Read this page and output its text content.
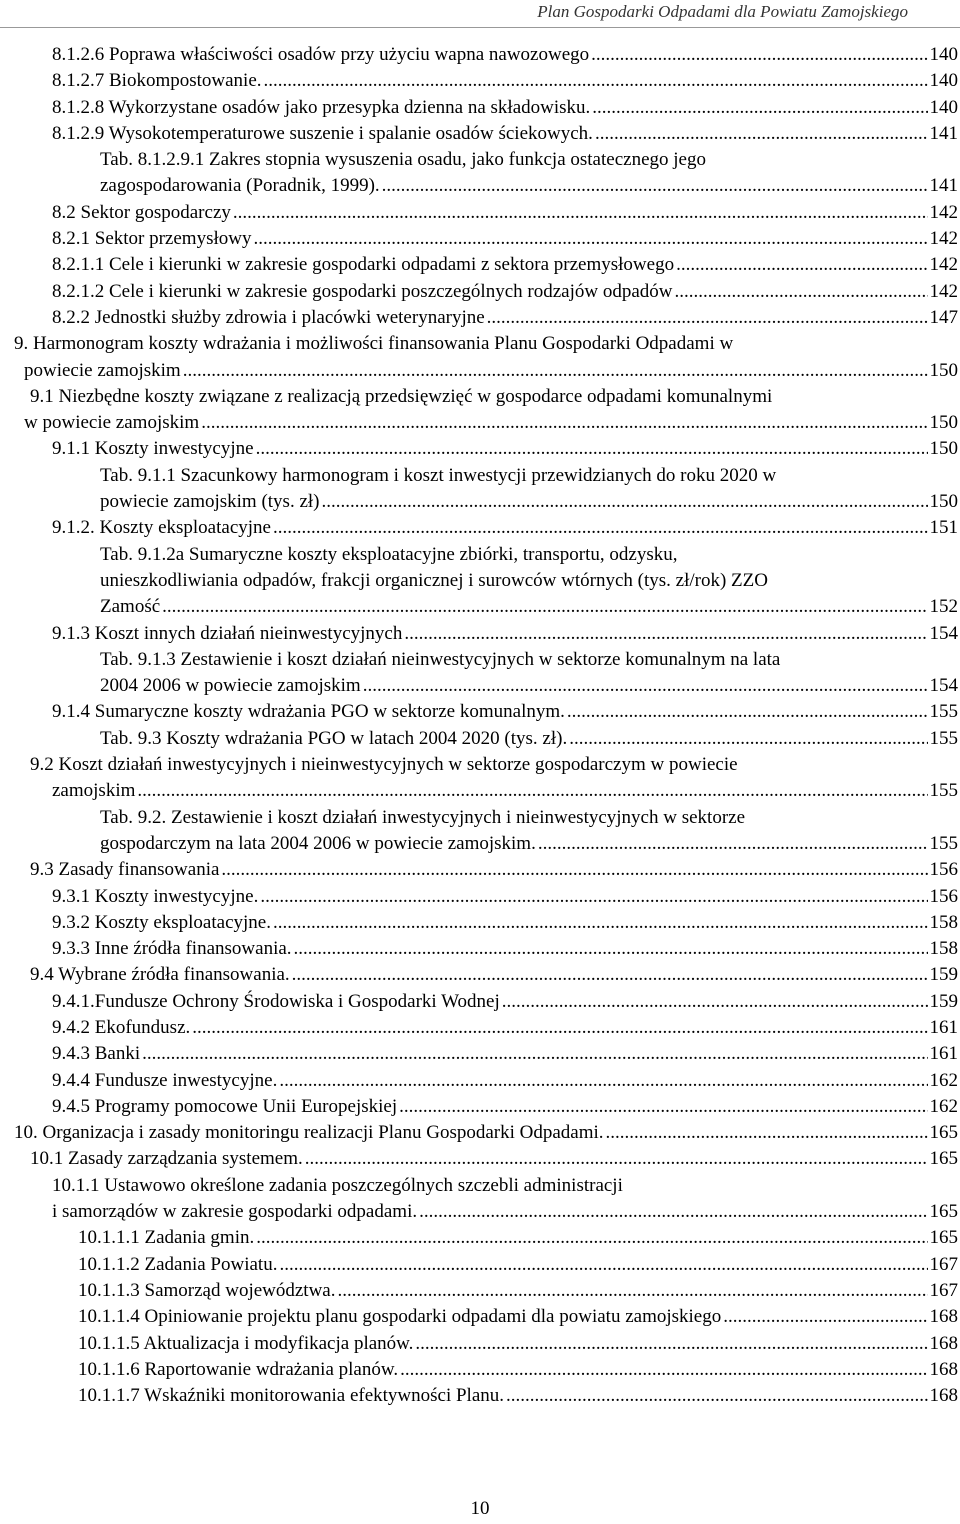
Plan Gospodarki Odpadami dla Powiatu Zamojskiego
8.1.2.6 Poprawa właściwości osadów przy użyciu wapna nawozowego .....	140
8.1.2.7 Biokompostowanie. .....	140
8.1.2.8 Wykorzystane osadów jako przesypka dzienna na składowisku. .....	140
8.1.2.9 Wysokotemperaturowe suszenie i spalanie osadów ściekowych. .....	141
Tab. 8.1.2.9.1 Zakres stopnia wysuszenia osadu, jako funkcja ostatecznego jego
zagospodarowania (Poradnik, 1999). .....	141
8.2 Sektor gospodarczy .....	142
8.2.1 Sektor przemysłowy .....	142
8.2.1.1 Cele i kierunki w zakresie gospodarki odpadami z sektora przemysłowego .....	142
8.2.1.2 Cele i kierunki w zakresie gospodarki poszczególnych rodzajów odpadów .....	142
8.2.2 Jednostki służby zdrowia i placówki weterynaryjne .....	147
9. Harmonogram koszty wdrażania i możliwości finansowania Planu Gospodarki Odpadami w
powiecie zamojskim .....	150
9.1 Niezbędne koszty związane z realizacją przedsięwzięć w gospodarce odpadami komunalnymi
w powiecie zamojskim .....	150
9.1.1 Koszty inwestycyjne .....	150
Tab. 9.1.1 Szacunkowy harmonogram i koszt inwestycji przewidzianych do roku 2020 w
powiecie zamojskim (tys. zł) .....	150
9.1.2. Koszty eksploatacyjne .....	151
Tab. 9.1.2a Sumaryczne koszty eksploatacyjne zbiórki, transportu, odzysku,
unieszkodliwiania odpadów, frakcji organicznej i surowców wtórnych (tys. zł/rok) ZZO
Zamość .....	152
9.1.3 Koszt innych działań nieinwestycyjnych .....	154
Tab. 9.1.3 Zestawienie i koszt działań nieinwestycyjnych w sektorze komunalnym na lata
2004 2006 w powiecie zamojskim .....	154
9.1.4 Sumaryczne koszty wdrażania PGO w sektorze komunalnym. .....	155
Tab. 9.3 Koszty wdrażania PGO w latach 2004 2020 (tys. zł). .....	155
9.2 Koszt działań inwestycyjnych i nieinwestycyjnych w sektorze gospodarczym w powiecie
zamojskim .....	155
Tab. 9.2. Zestawienie i koszt działań inwestycyjnych i nieinwestycyjnych w sektorze
gospodarczym na lata 2004 2006 w powiecie zamojskim. .....	155
9.3 Zasady finansowania .....	156
9.3.1 Koszty inwestycyjne. .....	156
9.3.2 Koszty eksploatacyjne. .....	158
9.3.3 Inne źródła finansowania. .....	158
9.4 Wybrane źródła finansowania. .....	159
9.4.1.Fundusze Ochrony Środowiska i Gospodarki Wodnej .....	159
9.4.2 Ekofundusz. .....	161
9.4.3 Banki .....	161
9.4.4 Fundusze inwestycyjne. .....	162
9.4.5 Programy pomocowe Unii Europejskiej .....	162
10. Organizacja i zasady monitoringu realizacji Planu Gospodarki Odpadami. .....	165
10.1 Zasady zarządzania systemem. .....	165
10.1.1 Ustawowo określone zadania poszczególnych szczebli administracji
i samorządów w zakresie gospodarki odpadami. .....	165
10.1.1.1 Zadania gmin. .....	165
10.1.1.2 Zadania Powiatu. .....	167
10.1.1.3 Samorząd województwa. .....	167
10.1.1.4 Opiniowanie projektu planu gospodarki odpadami dla powiatu zamojskiego .....	168
10.1.1.5 Aktualizacja i modyfikacja planów. .....	168
10.1.1.6 Raportowanie wdrażania planów. .....	168
10.1.1.7 Wskaźniki monitorowania efektywności Planu. .....	168
10
